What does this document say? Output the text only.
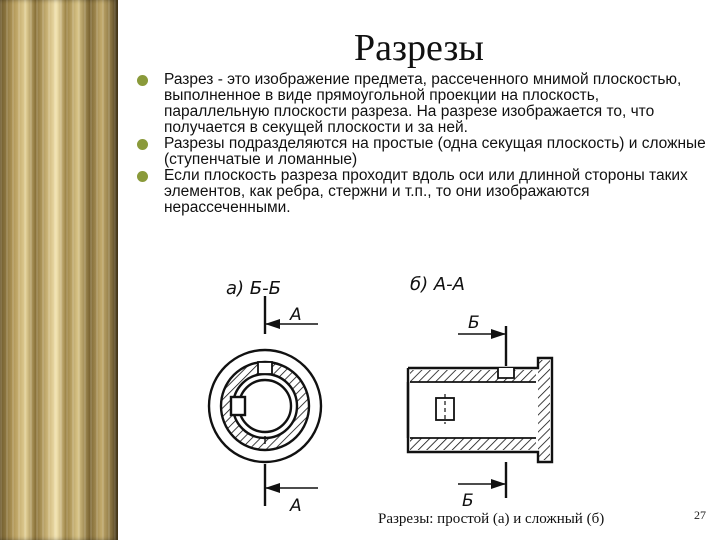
Разрезы
Разрез - это изображение предмета, рассеченного мнимой плоскостью, выполненное в виде прямоугольной проекции на плоскость, параллельную плоскости разреза. На разрезе изображается то, что получается в секущей плоскости и за ней.
Разрезы подразделяются на простые (одна секущая плоскость) и сложные (ступенчатые и ломанные)
Если плоскость разреза проходит вдоль оси или длинной стороны таких элементов, как ребра, стержни и т.п., то они изображаются нерассеченными.
а) Б-Б
А
А
б) А-А
Б
Б
Разрезы: простой (а) и сложный (б)	27
